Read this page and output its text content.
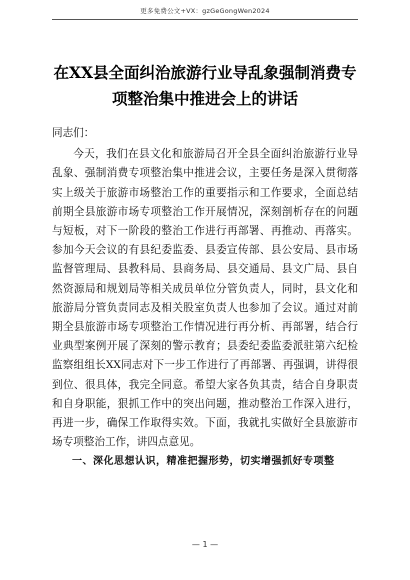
更多免费公文+VX：gzGeGongWen2024
在XX县全面纠治旅游行业导乱象强制消费专项整治集中推进会上的讲话

同志们：

今天，我们在县文化和旅游局召开全县全面纠治旅游行业导乱象、强制消费专项整治集中推进会议，主要任务是深入贯彻落实上级关于旅游市场整治工作的重要指示和工作要求，全面总结前期全县旅游市场专项整治工作开展情况，深刻剖析存在的问题与短板，对下一阶段的整治工作进行再部署、再推动、再落实。参加今天会议的有县纪委监委、县委宣传部、县公安局、县市场监督管理局、县教科局、县商务局、县交通局、县文广局、县自然资源局和规划局等相关成员单位分管负责人，同时，县文化和旅游局分管负责同志及相关股室负责人也参加了会议。通过对前期全县旅游市场专项整治工作情况进行再分析、再部署，结合行业典型案例开展了深刻的警示教育；县委纪委监委派驻第六纪检监察组组长XX同志对下一步工作进行了再部署、再强调，讲得很到位、很具体，我完全同意。希望大家各负其责，结合自身职责和自身职能，狠抓工作中的突出问题，推动整治工作深入进行，再进一步，确保工作取得实效。下面，我就扎实做好全县旅游市场专项整治工作，讲四点意见。

一、深化思想认识，精准把握形势，切实增强抓好专项整

— 1 —
